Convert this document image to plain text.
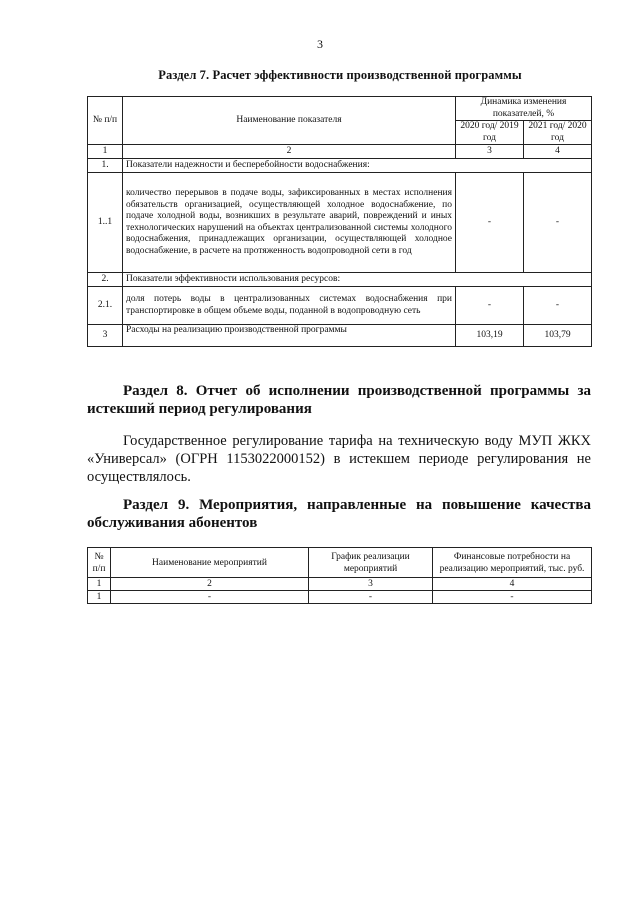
3
Раздел 7. Расчет эффективности производственной программы
№ п/п	Наименование показателя	Динамика изменения показателей, %	
		2020 год/ 2019 год	2021 год/ 2020 год
1	2	3	4
1.	Показатели надежности и бесперебойности водоснабжения:		
1..1	количество перерывов в подаче воды, зафиксированных в местах исполнения обязательств организацией, осуществляющей холодное водоснабжение, по подаче холодной воды, возникших в результате аварий, повреждений и иных технологических нарушений на объектах централизованной системы холодного водоснабжения, принадлежащих организации, осуществляющей холодное водоснабжение, в расчете на протяженность водопроводной сети в год	-	-
2.	Показатели эффективности использования ресурсов:		
2.1.	доля потерь воды в централизованных системах водоснабжения при транспортировке в общем объеме воды, поданной в водопроводную сеть	-	-
3	Расходы на реализацию производственной программы	103,19	103,79
Раздел 8. Отчет об исполнении производственной программы за истекший период регулирования
Государственное регулирование тарифа на техническую воду МУП ЖКХ «Универсал» (ОГРН 1153022000152) в истекшем периоде регулирования не осуществлялось.
Раздел 9. Мероприятия, направленные на повышение качества обслуживания абонентов
№ п/п	Наименование мероприятий	График реализации мероприятий	Финансовые потребности на реализацию мероприятий, тыс. руб.
1	2	3	4
1	-	-	-
